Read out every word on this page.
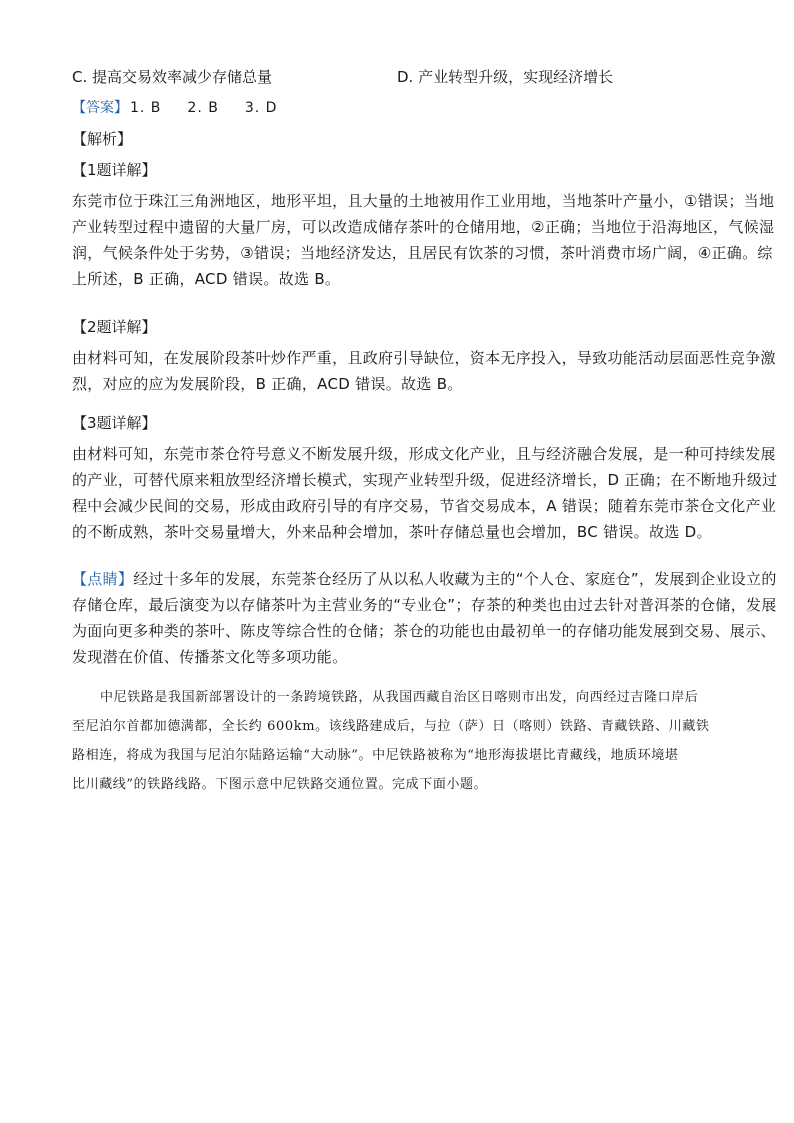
C. 提高交易效率减少存储总量	D. 产业转型升级，实现经济增长
【答案】 1. B 2. B 3. D
【解析】
【1题详解】
东莞市位于珠江三角洲地区，地形平坦，且大量的土地被用作工业用地，当地茶叶产量小，①错误；当地
产业转型过程中遗留的大量厂房，可以改造成储存茶叶的仓储用地，②正确；当地位于沿海地区，气候湿
润，气候条件处于劣势，③错误；当地经济发达，且居民有饮茶的习惯，茶叶消费市场广阔，④正确。综
上所述，B 正确，ACD 错误。故选 B。
【2题详解】
由材料可知，在发展阶段茶叶炒作严重，且政府引导缺位，资本无序投入，导致功能活动层面恶性竞争激
烈，对应的应为发展阶段，B 正确，ACD 错误。故选 B。
【3题详解】
由材料可知，东莞市茶仓符号意义不断发展升级，形成文化产业，且与经济融合发展，是一种可持续发展
的产业，可替代原来粗放型经济增长模式，实现产业转型升级，促进经济增长，D 正确；在不断地升级过
程中会减少民间的交易，形成由政府引导的有序交易，节省交易成本，A 错误；随着东莞市茶仓文化产业
的不断成熟，茶叶交易量增大，外来品种会增加，茶叶存储总量也会增加，BC 错误。故选 D。
【点睛】经过十多年的发展，东莞茶仓经历了从以私人收藏为主的“个人仓、家庭仓”，发展到企业设立的
存储仓库，最后演变为以存储茶叶为主营业务的“专业仓”；存茶的种类也由过去针对普洱茶的仓储，发展
为面向更多种类的茶叶、陈皮等综合性的仓储；茶仓的功能也由最初单一的存储功能发展到交易、展示、
发现潜在价值、传播茶文化等多项功能。
中尼铁路是我国新部署设计的一条跨境铁路，从我国西藏自治区日喀则市出发，向西经过吉隆口岸后
至尼泊尔首都加德满都，全长约 600km。该线路建成后，与拉（萨）日（喀则）铁路、青藏铁路、川藏铁
路相连，将成为我国与尼泊尔陆路运输“大动脉”。中尼铁路被称为“地形海拔堪比青藏线，地质环境堪
比川藏线”的铁路线路。下图示意中尼铁路交通位置。完成下面小题。
